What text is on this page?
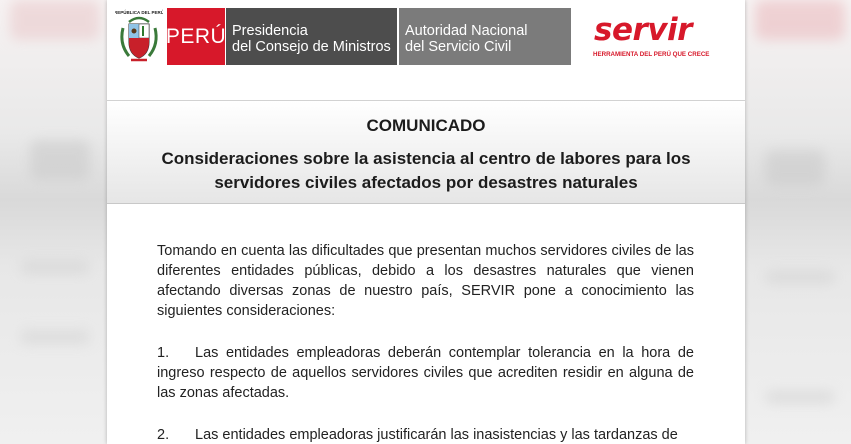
REPÚBLICA DEL PERÚ
PERÚ Presidencia
del Consejo de Ministros
Autoridad Nacional
del Servicio Civil	servir
HERRAMIENTA DEL PERÚ QUE CRECE
COMUNICADO
Consideraciones sobre la asistencia al centro de labores para los
servidores civiles afectados por desastres naturales
Tomando en cuenta las dificultades que presentan muchos servidores civiles de las diferentes entidades públicas, debido a los desastres naturales que vienen afectando diversas zonas de nuestro país, SERVIR pone a conocimiento las siguientes consideraciones:
1. Las entidades empleadoras deberán contemplar tolerancia en la hora de ingreso respecto de aquellos servidores civiles que acrediten residir en alguna de las zonas afectadas.
2. Las entidades empleadoras justificarán las inasistencias y las tardanzas de
